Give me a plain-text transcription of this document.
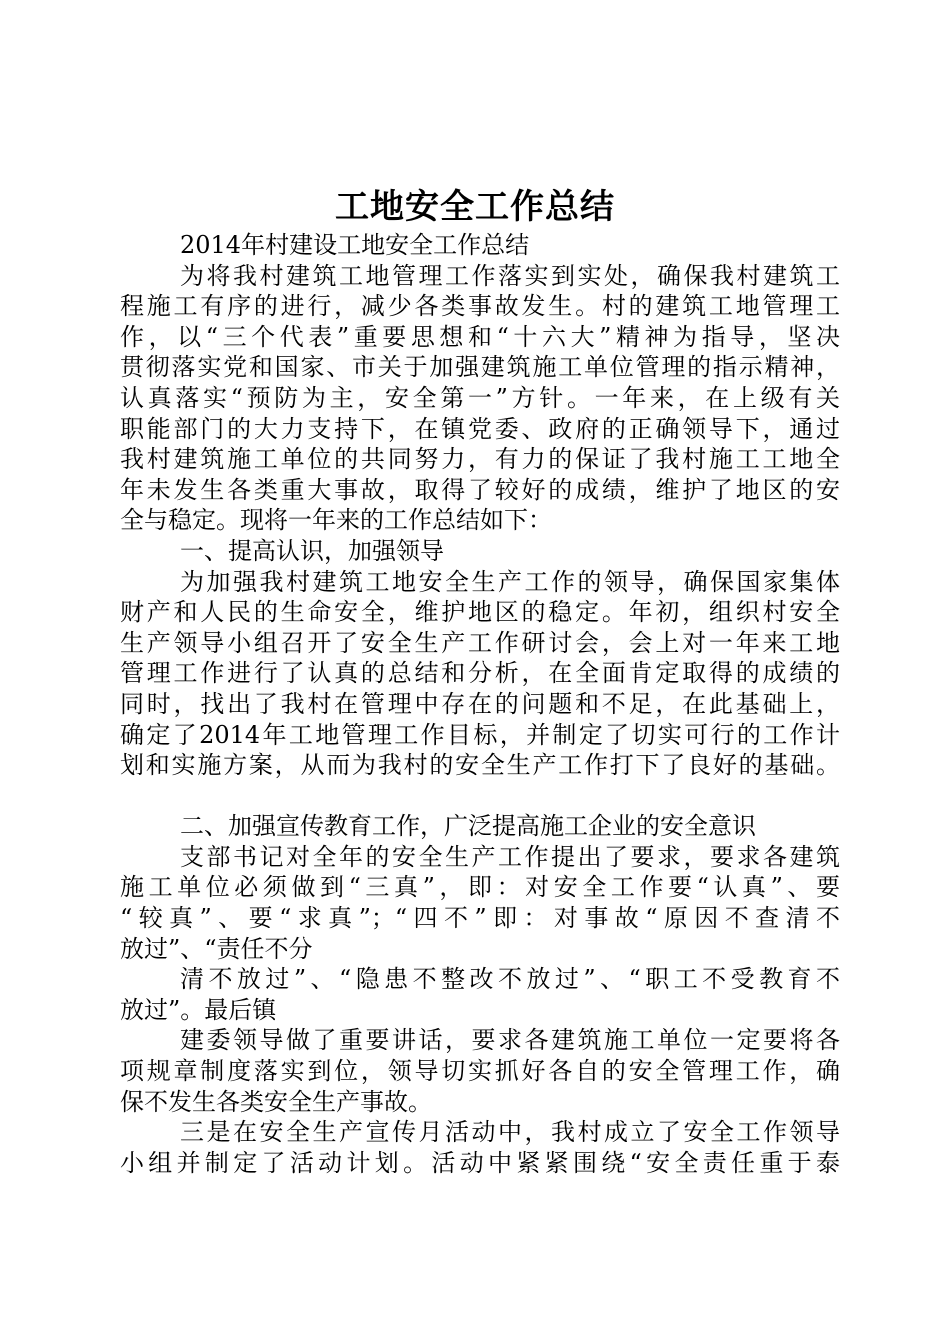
工地安全工作总结
2014年村建设工地安全工作总结
为将我村建筑工地管理工作落实到实处，确保我村建筑工
程施工有序的进行，减少各类事故发生。村的建筑工地管理工
作，以“三个代表”重要思想和“十六大”精神为指导，坚决
贯彻落实党和国家、市关于加强建筑施工单位管理的指示精神，
认真落实“预防为主，安全第一”方针。一年来，在上级有关
职能部门的大力支持下，在镇党委、政府的正确领导下，通过
我村建筑施工单位的共同努力，有力的保证了我村施工工地全
年未发生各类重大事故，取得了较好的成绩，维护了地区的安
全与稳定。现将一年来的工作总结如下：
一、提高认识，加强领导
为加强我村建筑工地安全生产工作的领导，确保国家集体
财产和人民的生命安全，维护地区的稳定。年初，组织村安全
生产领导小组召开了安全生产工作研讨会，会上对一年来工地
管理工作进行了认真的总结和分析，在全面肯定取得的成绩的
同时，找出了我村在管理中存在的问题和不足，在此基础上，
确定了2014年工地管理工作目标，并制定了切实可行的工作计
划和实施方案，从而为我村的安全生产工作打下了良好的基础。
二、加强宣传教育工作，广泛提高施工企业的安全意识
支部书记对全年的安全生产工作提出了要求，要求各建筑
施工单位必须做到“三真”，即：对安全工作要“认真”、要
“较真”、要“求真”；“四不”即：对事故“原因不查清不
放过”、“责任不分
清不放过”、“隐患不整改不放过”、“职工不受教育不
放过”。最后镇
建委领导做了重要讲话，要求各建筑施工单位一定要将各
项规章制度落实到位，领导切实抓好各自的安全管理工作，确
保不发生各类安全生产事故。
三是在安全生产宣传月活动中，我村成立了安全工作领导
小组并制定了活动计划。活动中紧紧围绕“安全责任重于泰
